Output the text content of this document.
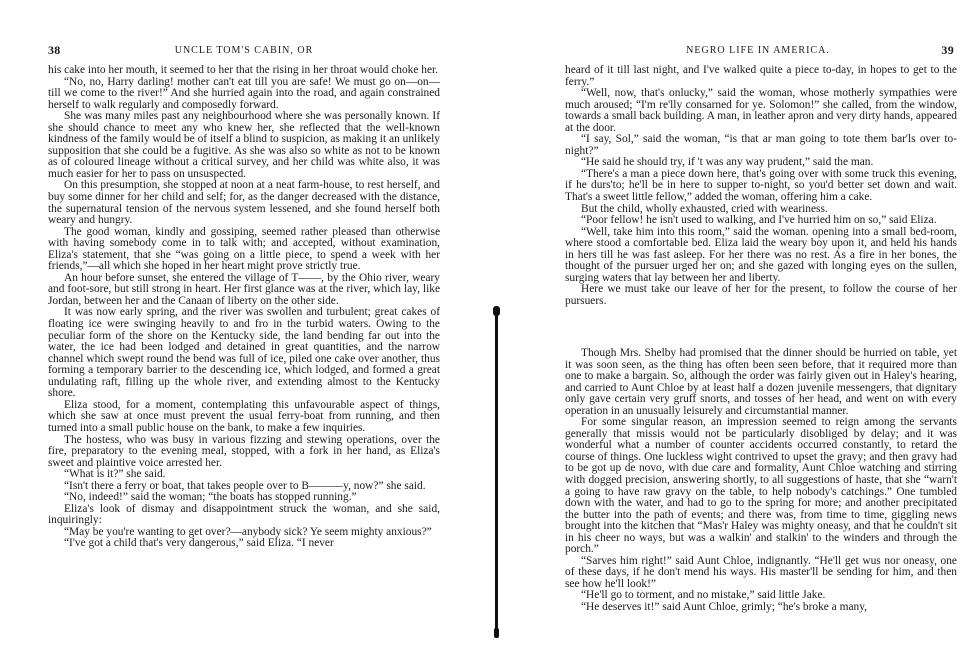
38	UNCLE TOM'S CABIN, OR

his cake into her mouth, it seemed to her that the rising in her throat would choke her.

“No, no, Harry darling! mother can't eat till you are safe! We must go on—on—till we come to the river!” And she hurried again into the road, and again constrained herself to walk regularly and composedly forward.

She was many miles past any neighbourhood where she was personally known. If she should chance to meet any who knew her, she reflected that the well-known kindness of the family would be of itself a blind to suspicion, as making it an unlikely supposition that she could be a fugitive. As she was also so white as not to be known as of coloured lineage without a critical survey, and her child was white also, it was much easier for her to pass on unsuspected.

On this presumption, she stopped at noon at a neat farm-house, to rest herself, and buy some dinner for her child and self; for, as the danger decreased with the distance, the supernatural tension of the nervous system lessened, and she found herself both weary and hungry.

The good woman, kindly and gossiping, seemed rather pleased than otherwise with having somebody come in to talk with; and accepted, without examination, Eliza's statement, that she “was going on a little piece, to spend a week with her friends,”—all which she hoped in her heart might prove strictly true.

An hour before sunset, she entered the village of T——, by the Ohio river, weary and foot-sore, but still strong in heart. Her first glance was at the river, which lay, like Jordan, between her and the Canaan of liberty on the other side.

It was now early spring, and the river was swollen and turbulent; great cakes of floating ice were swinging heavily to and fro in the turbid waters. Owing to the peculiar form of the shore on the Kentucky side, the land bending far out into the water, the ice had been lodged and detained in great quantities, and the narrow channel which swept round the bend was full of ice, piled one cake over another, thus forming a temporary barrier to the descending ice, which lodged, and formed a great undulating raft, filling up the whole river, and extending almost to the Kentucky shore.

Eliza stood, for a moment, contemplating this unfavourable aspect of things, which she saw at once must prevent the usual ferry-boat from running, and then turned into a small public house on the bank, to make a few inquiries.

The hostess, who was busy in various fizzing and stewing operations, over the fire, preparatory to the evening meal, stopped, with a fork in her hand, as Eliza's sweet and plaintive voice arrested her.

“What is it?” she said.

“Isn't there a ferry or boat, that takes people over to B———y, now?” she said.

“No, indeed!” said the woman; “the boats has stopped running.”

Eliza's look of dismay and disappointment struck the woman, and she said, inquiringly:

“May be you're wanting to get over?—anybody sick? Ye seem mighty anxious?”

“I've got a child that's very dangerous,” said Eliza. “I never

NEGRO LIFE IN AMERICA.	39

heard of it till last night, and I've walked quite a piece to-day, in hopes to get to the ferry.”

“Well, now, that's onlucky,” said the woman, whose motherly sympathies were much aroused; “I'm re'lly consarned for ye. Solomon!” she called, from the window, towards a small back building. A man, in leather apron and very dirty hands, appeared at the door.

“I say, Sol,” said the woman, “is that ar man going to tote them bar'ls over to-night?”

“He said he should try, if 't was any way prudent,” said the man.

“There's a man a piece down here, that's going over with some truck this evening, if he durs'to; he'll be in here to supper to-night, so you'd better set down and wait. That's a sweet little fellow,” added the woman, offering him a cake.

But the child, wholly exhausted, cried with weariness.

“Poor fellow! he isn't used to walking, and I've hurried him on so,” said Eliza.

“Well, take him into this room,” said the woman. opening into a small bed-room, where stood a comfortable bed. Eliza laid the weary boy upon it, and held his hands in hers till he was fast asleep. For her there was no rest. As a fire in her bones, the thought of the pursuer urged her on; and she gazed with longing eyes on the sullen, surging waters that lay between her and liberty.

Here we must take our leave of her for the present, to follow the course of her pursuers.

Though Mrs. Shelby had promised that the dinner should be hurried on table, yet it was soon seen, as the thing has often been seen before, that it required more than one to make a bargain. So, although the order was fairly given out in Haley's hearing, and carried to Aunt Chloe by at least half a dozen juvenile messengers, that dignitary only gave certain very gruff snorts, and tosses of her head, and went on with every operation in an unusually leisurely and circumstantial manner.

For some singular reason, an impression seemed to reign among the servants generally that missis would not be particularly disobliged by delay; and it was wonderful what a number of counter accidents occurred constantly, to retard the course of things. One luckless wight contrived to upset the gravy; and then gravy had to be got up de novo, with due care and formality, Aunt Chloe watching and stirring with dogged precision, answering shortly, to all suggestions of haste, that she “warn't a going to have raw gravy on the table, to help nobody's catchings.” One tumbled down with the water, and had to go to the spring for more; and another precipitated the butter into the path of events; and there was, from time to time, giggling news brought into the kitchen that “Mas'r Haley was mighty oneasy, and that he couldn't sit in his cheer no ways, but was a walkin' and stalkin' to the winders and through the porch.”

“Sarves him right!” said Aunt Chloe, indignantly. “He'll get wus nor oneasy, one of these days, if he don't mend his ways. His master'll be sending for him, and then see how he'll look!”

“He'll go to torment, and no mistake,” said little Jake.

“He deserves it!” said Aunt Chloe, grimly; “he's broke a many,
